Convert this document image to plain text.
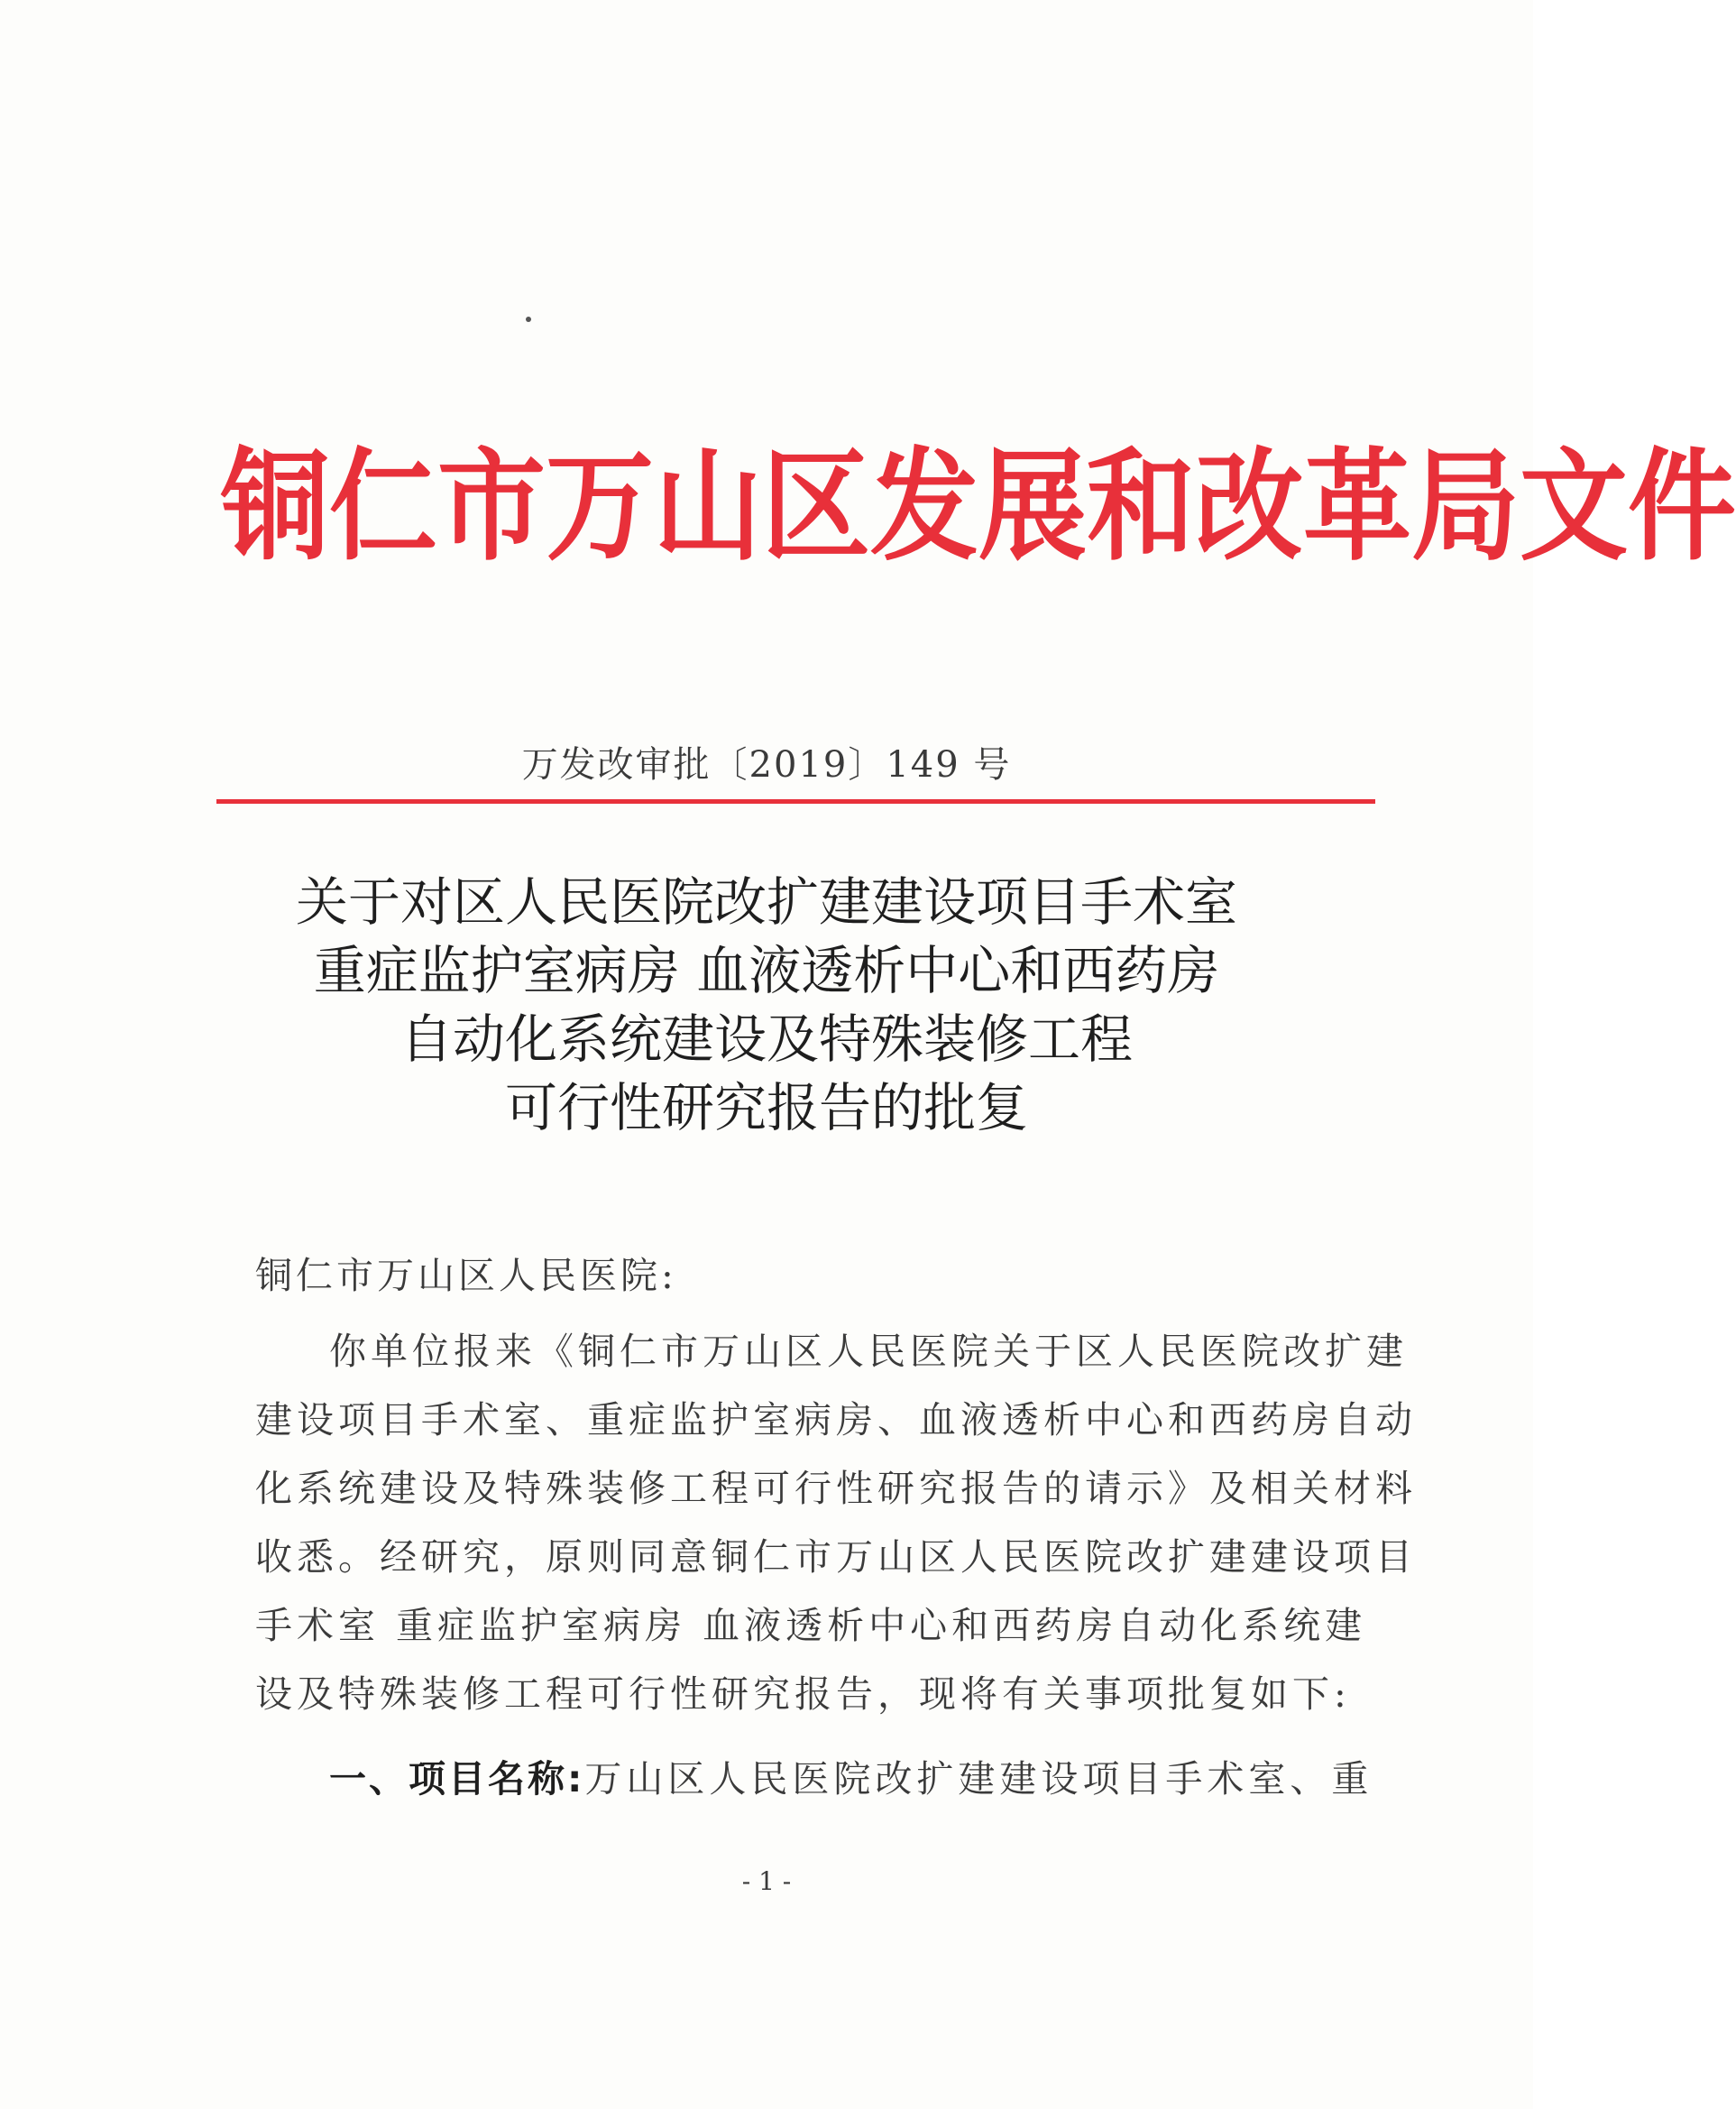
铜仁市万山区发展和改革局文件
万发改审批〔2019〕149 号
关于对区人民医院改扩建建设项目手术室
重症监护室病房 血液透析中心和西药房
自动化系统建设及特殊装修工程
可行性研究报告的批复
铜仁市万山区人民医院:
你单位报来《铜仁市万山区人民医院关于区人民医院改扩建
建设项目手术室、重症监护室病房、血液透析中心和西药房自动
化系统建设及特殊装修工程可行性研究报告的请示》及相关材料
收悉。经研究，原则同意铜仁市万山区人民医院改扩建建设项目
手术室 重症监护室病房 血液透析中心和西药房自动化系统建
设及特殊装修工程可行性研究报告，现将有关事项批复如下:
一、项目名称:万山区人民医院改扩建建设项目手术室、重
- 1 -
